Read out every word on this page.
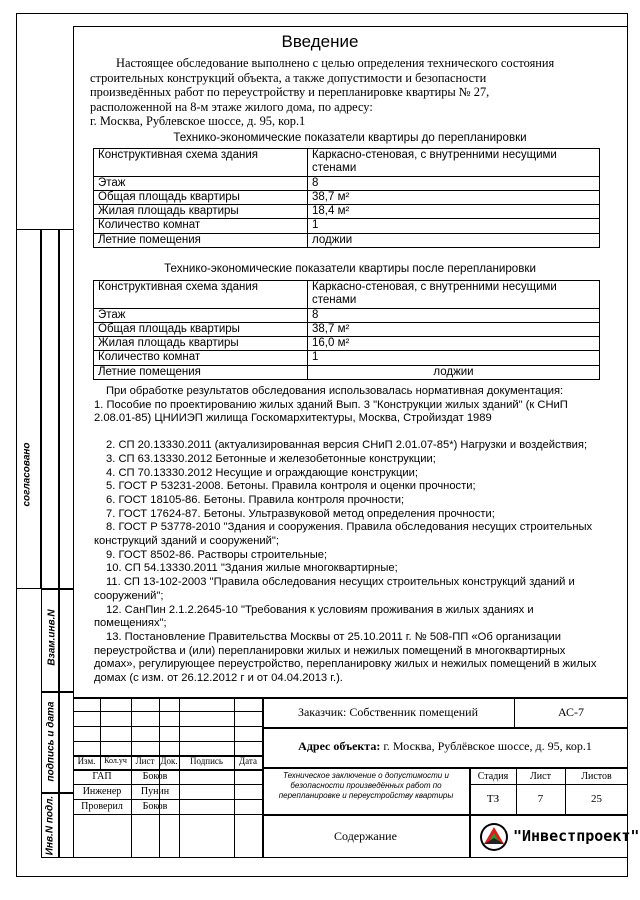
согласовано
Взам.инв.N
подпись и дата
Инв.N подл.
Введение
Настоящее обследование выполнено с целью определения технического состояния строительных конструкций объекта, а также допустимости и безопасности произведённых работ по переустройству и перепланировке квартиры № 27, расположенной на 8-м этаже жилого дома, по адресу:
г. Москва, Рублевское шоссе, д. 95, кор.1
Технико-экономические показатели квартиры до перепланировки
Конструктивная схема здания	Каркасно-стеновая, с внутренними несущими стенами
Этаж	8
Общая площадь квартиры	38,7 м²
Жилая площадь квартиры	18,4 м²
Количество комнат	1
Летние помещения	лоджии
Технико-экономические показатели квартиры после перепланировки
Конструктивная схема здания	Каркасно-стеновая, с внутренними несущими стенами
Этаж	8
Общая площадь квартиры	38,7 м²
Жилая площадь квартиры	16,0 м²
Количество комнат	1
Летние помещения	лоджии
При обработке результатов обследования использовалась нормативная документация:
1. Пособие по проектированию жилых зданий Вып. 3 "Конструкции жилых зданий" (к СНиП 2.08.01-85) ЦНИИЭП жилища Госкомархитектуры, Москва, Стройиздат 1989
2. СП 20.13330.2011 (актуализированная версия СНиП 2.01.07-85*) Нагрузки и воздействия;
3. СП 63.13330.2012 Бетонные и железобетонные конструкции;
4. СП 70.13330.2012 Несущие и ограждающие конструкции;
5. ГОСТ Р 53231-2008. Бетоны. Правила контроля и оценки прочности;
6. ГОСТ 18105-86. Бетоны. Правила контроля прочности;
7. ГОСТ 17624-87. Бетоны. Ультразвуковой метод определения прочности;
8. ГОСТ Р 53778-2010 "Здания и сооружения. Правила обследования несущих строительных конструкций зданий и сооружений";
9. ГОСТ 8502-86. Растворы строительные;
10. СП 54.13330.2011 "Здания жилые многоквартирные;
11. СП 13-102-2003 "Правила обследования несущих строительных конструкций зданий и сооружений";
12. СанПин 2.1.2.2645-10 "Требования к условиям проживания в жилых зданиях и помещениях";
13. Постановление Правительства Москвы от 25.10.2011 г. № 508-ПП «Об организации переустройства и (или) перепланировки жилых и нежилых помещений в многоквартирных домах», регулирующее переустройство, перепланировку жилых и нежилых помещений в жилых домах (с изм. от 26.12.2012 г и от 04.04.2013 г.).
Изм.	Кол.уч Лист Док.	Подпись	Дата
ГАП	Боков
Инженер	Пунин
Проверил	Боков
Заказчик: Собственник помещений	АС-7
Адрес объекта: г. Москва, Рублёвское шоссе, д. 95, кор.1
Техническое заключение о допустимости и безопасности произведённых работ по перепланировке и переустройству квартиры
Стадия	Лист	Листов
ТЗ	7	25
Содержание	"Инвестпроект"
